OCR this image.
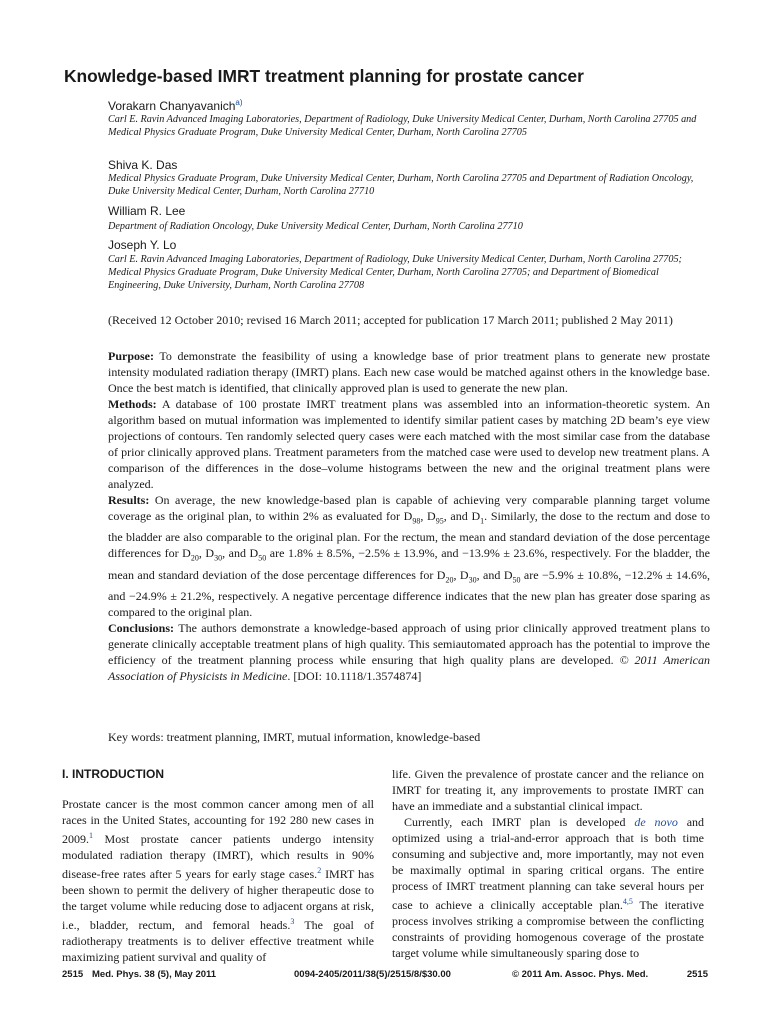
Knowledge-based IMRT treatment planning for prostate cancer
Vorakarn Chanyavanich$^{a)}$
Carl E. Ravin Advanced Imaging Laboratories, Department of Radiology, Duke University Medical Center, Durham, North Carolina 27705 and Medical Physics Graduate Program, Duke University Medical Center, Durham, North Carolina 27705
Shiva K. Das
Medical Physics Graduate Program, Duke University Medical Center, Durham, North Carolina 27705 and Department of Radiation Oncology, Duke University Medical Center, Durham, North Carolina 27710
William R. Lee
Department of Radiation Oncology, Duke University Medical Center, Durham, North Carolina 27710
Joseph Y. Lo
Carl E. Ravin Advanced Imaging Laboratories, Department of Radiology, Duke University Medical Center, Durham, North Carolina 27705; Medical Physics Graduate Program, Duke University Medical Center, Durham, North Carolina 27705; and Department of Biomedical Engineering, Duke University, Durham, North Carolina 27708
(Received 12 October 2010; revised 16 March 2011; accepted for publication 17 March 2011; published 2 May 2011)
Purpose: To demonstrate the feasibility of using a knowledge base of prior treatment plans to generate new prostate intensity modulated radiation therapy (IMRT) plans. Each new case would be matched against others in the knowledge base. Once the best match is identified, that clinically approved plan is used to generate the new plan.
Methods: A database of 100 prostate IMRT treatment plans was assembled into an information-theoretic system. An algorithm based on mutual information was implemented to identify similar patient cases by matching 2D beam’s eye view projections of contours. Ten randomly selected query cases were each matched with the most similar case from the database of prior clinically approved plans. Treatment parameters from the matched case were used to develop new treatment plans. A comparison of the differences in the dose–volume histograms between the new and the original treatment plans were analyzed.
Results: On average, the new knowledge-based plan is capable of achieving very comparable planning target volume coverage as the original plan, to within 2% as evaluated for $D_{98}$, $D_{95}$, and $D_1$. Similarly, the dose to the rectum and dose to the bladder are also comparable to the original plan. For the rectum, the mean and standard deviation of the dose percentage differences for $D_{20}$, $D_{30}$, and $D_{50}$ are 1.8% ± 8.5%, −2.5% ± 13.9%, and −13.9% ± 23.6%, respectively. For the bladder, the mean and standard deviation of the dose percentage differences for $D_{20}$, $D_{30}$, and $D_{50}$ are −5.9% ± 10.8%, −12.2% ± 14.6%, and −24.9% ± 21.2%, respectively. A negative percentage difference indicates that the new plan has greater dose sparing as compared to the original plan.
Conclusions: The authors demonstrate a knowledge-based approach of using prior clinically approved treatment plans to generate clinically acceptable treatment plans of high quality. This semiautomated approach has the potential to improve the efficiency of the treatment planning process while ensuring that high quality plans are developed. © 2011 American Association of Physicists in Medicine. [DOI: 10.1118/1.3574874]
Key words: treatment planning, IMRT, mutual information, knowledge-based
I. INTRODUCTION

Prostate cancer is the most common cancer among men of all races in the United States, accounting for 192 280 new cases in 2009.$^1$ Most prostate cancer patients undergo intensity modulated radiation therapy (IMRT), which results in 90% disease-free rates after 5 years for early stage cases.$^2$ IMRT has been shown to permit the delivery of higher therapeutic dose to the target volume while reducing dose to adjacent organs at risk, i.e., bladder, rectum, and femoral heads.$^3$ The goal of radiotherapy treatments is to deliver effective treatment while maximizing patient survival and quality of

life. Given the prevalence of prostate cancer and the reliance on IMRT for treating it, any improvements to prostate IMRT can have an immediate and a substantial clinical impact.

Currently, each IMRT plan is developed de novo and optimized using a trial-and-error approach that is both time consuming and subjective and, more importantly, may not even be maximally optimal in sparing critical organs. The entire process of IMRT treatment planning can take several hours per case to achieve a clinically acceptable plan.$^{4,5}$ The iterative process involves striking a compromise between the conflicting constraints of providing homogenous coverage of the prostate target volume while simultaneously sparing dose to

2515 Med. Phys. 38 (5), May 2011	0094-2405/2011/38(5)/2515/8/$30.00	© 2011 Am. Assoc. Phys. Med.	2515
